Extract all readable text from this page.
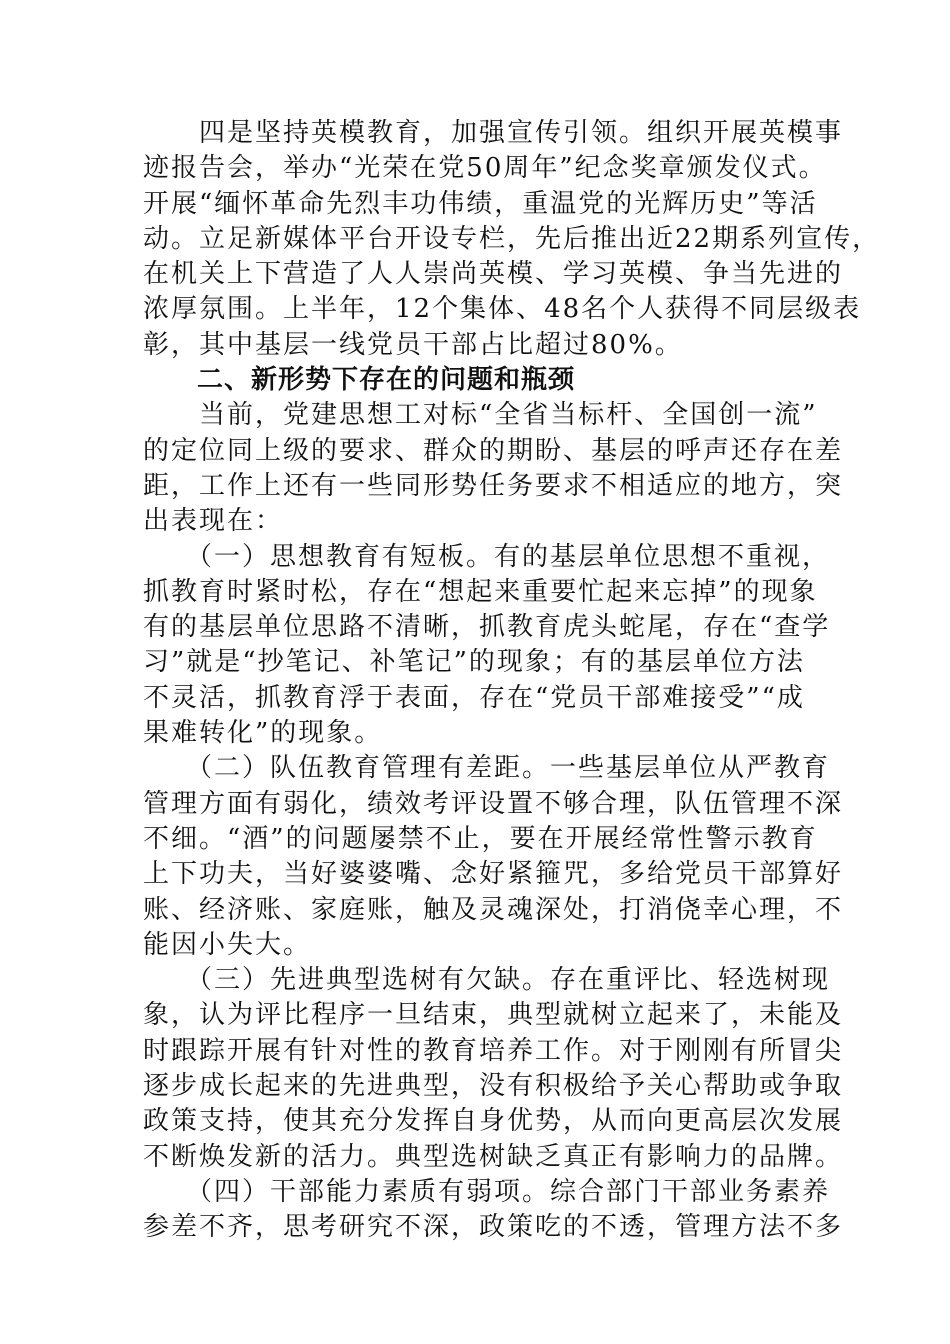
　　四是坚持英模教育，加强宣传引领。组织开展英模事
迹报告会，举办“光荣在党50周年”纪念奖章颁发仪式。
开展“缅怀革命先烈丰功伟绩，重温党的光辉历史”等活
动。立足新媒体平台开设专栏，先后推出近22期系列宣传，
在机关上下营造了人人崇尚英模、学习英模、争当先进的
浓厚氛围。上半年，12个集体、48名个人获得不同层级表
彰，其中基层一线党员干部占比超过80%。
　　二、新形势下存在的问题和瓶颈
　　当前，党建思想工对标“全省当标杆、全国创一流”
的定位同上级的要求、群众的期盼、基层的呼声还存在差
距，工作上还有一些同形势任务要求不相适应的地方，突
出表现在：
　　（一）思想教育有短板。有的基层单位思想不重视，
抓教育时紧时松，存在“想起来重要忙起来忘掉”的现象
有的基层单位思路不清晰，抓教育虎头蛇尾，存在“查学
习”就是“抄笔记、补笔记”的现象；有的基层单位方法
不灵活，抓教育浮于表面，存在“党员干部难接受”“成
果难转化”的现象。
　　（二）队伍教育管理有差距。一些基层单位从严教育
管理方面有弱化，绩效考评设置不够合理，队伍管理不深
不细。“酒”的问题屡禁不止，要在开展经常性警示教育
上下功夫，当好婆婆嘴、念好紧箍咒，多给党员干部算好
账、经济账、家庭账，触及灵魂深处，打消侥幸心理，不
能因小失大。
　　（三）先进典型选树有欠缺。存在重评比、轻选树现
象，认为评比程序一旦结束，典型就树立起来了，未能及
时跟踪开展有针对性的教育培养工作。对于刚刚有所冒尖
逐步成长起来的先进典型，没有积极给予关心帮助或争取
政策支持，使其充分发挥自身优势，从而向更高层次发展
不断焕发新的活力。典型选树缺乏真正有影响力的品牌。
　　（四）干部能力素质有弱项。综合部门干部业务素养
参差不齐，思考研究不深，政策吃的不透，管理方法不多
